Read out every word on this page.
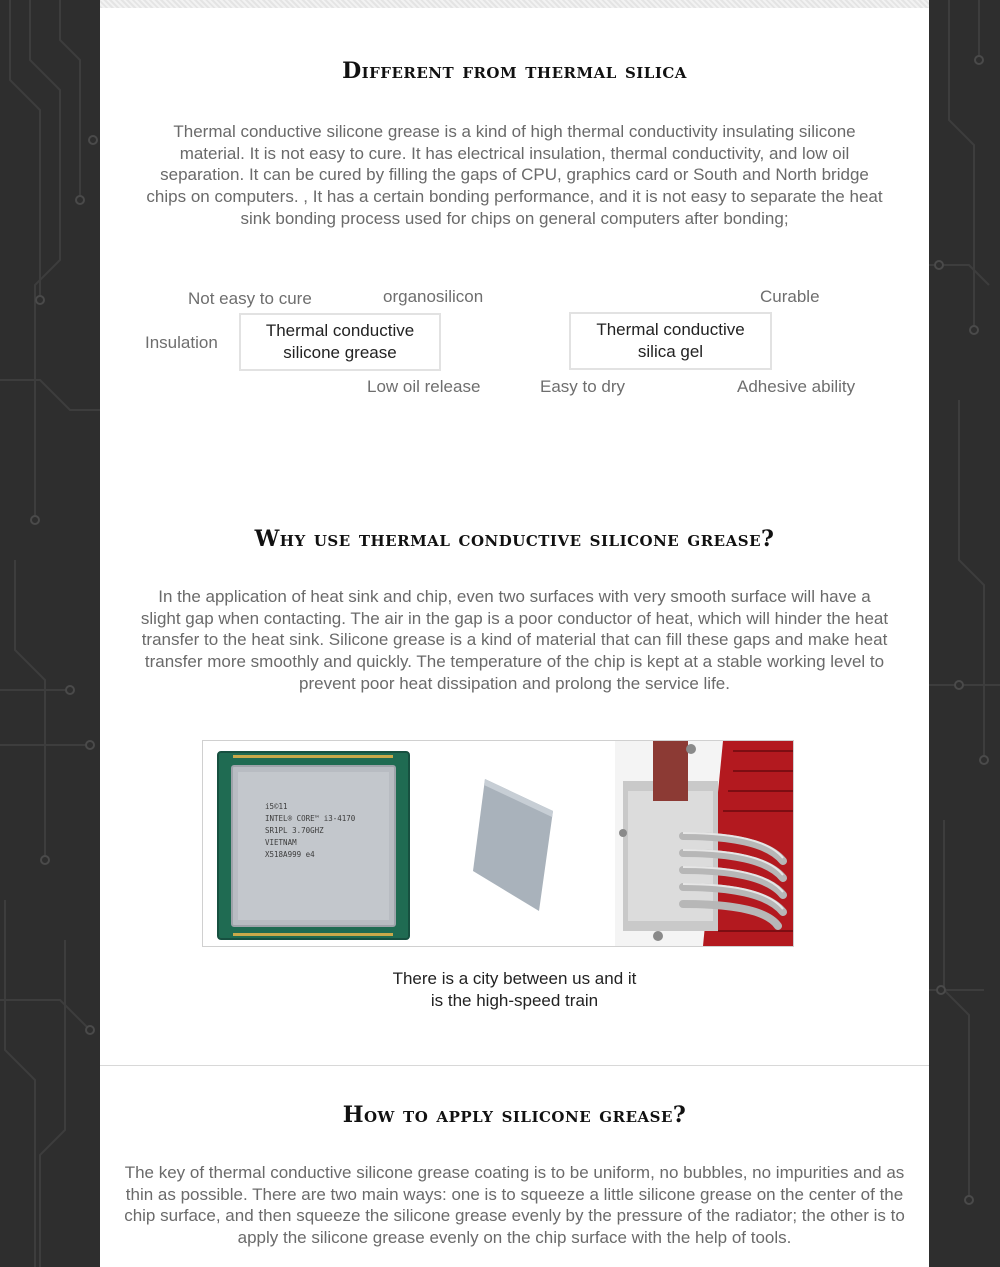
Different from thermal silica

Thermal conductive silicone grease is a kind of high thermal conductivity insulating silicone material. It is not easy to cure. It has electrical insulation, thermal conductivity, and low oil separation. It can be cured by filling the gaps of CPU, graphics card or South and North bridge chips on computers. , It has a certain bonding performance, and it is not easy to separate the heat sink bonding process used for chips on general computers after bonding;

Not easy to cure	organosilicon	Curable
Insulation
Thermal conductive silicone grease
Thermal conductive silica gel
Low oil release	Easy to dry	Adhesive ability
Why use thermal conductive silicone grease?

In the application of heat sink and chip, even two surfaces with very smooth surface will have a slight gap when contacting. The air in the gap is a poor conductor of heat, which will hinder the heat transfer to the heat sink. Silicone grease is a kind of material that can fill these gaps and make heat transfer more smoothly and quickly. The temperature of the chip is kept at a stable working level to prevent poor heat dissipation and prolong the service life.

i5©11
INTEL® CORE™ i3-4170
SR1PL 3.70GHZ
VIETNAM
X518A999 e4
There is a city between us and it
is the high-speed train
How to apply silicone grease?

The key of thermal conductive silicone grease coating is to be uniform, no bubbles, no impurities and as thin as possible. There are two main ways: one is to squeeze a little silicone grease on the center of the chip surface, and then squeeze the silicone grease evenly by the pressure of the radiator; the other is to apply the silicone grease evenly on the chip surface with the help of tools.
